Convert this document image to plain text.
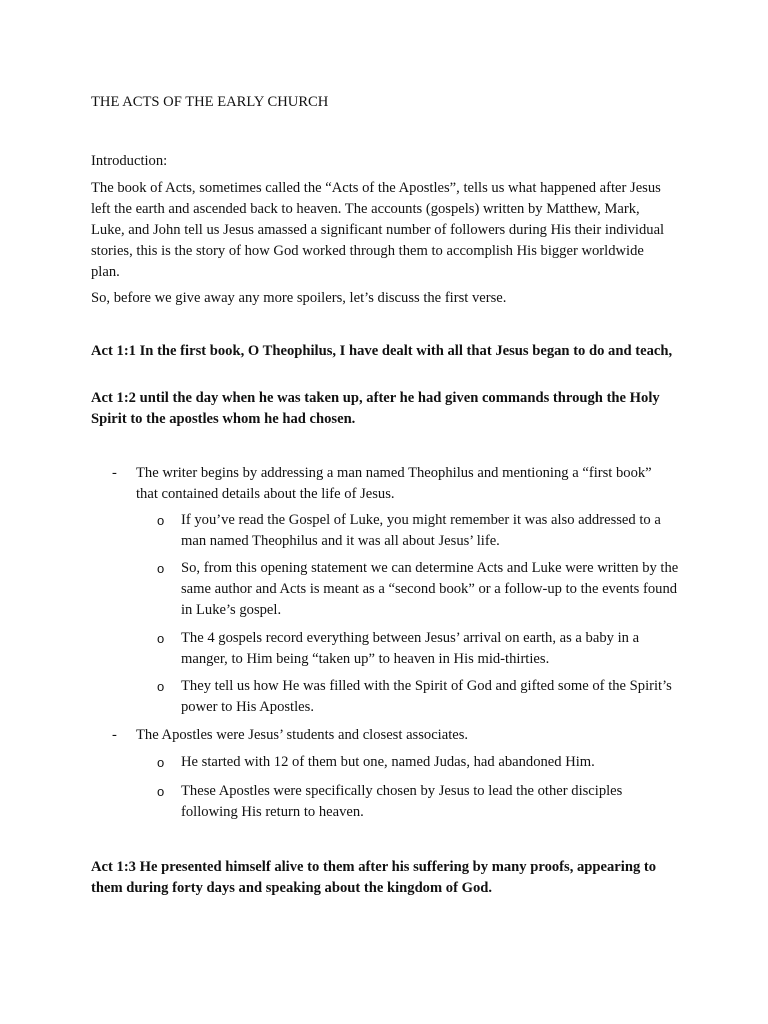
THE ACTS OF THE EARLY CHURCH
Introduction:
The book of Acts, sometimes called the “Acts of the Apostles”, tells us what happened after Jesus left the earth and ascended back to heaven. The accounts (gospels) written by Matthew, Mark, Luke, and John tell us Jesus amassed a significant number of followers during His their individual stories, this is the story of how God worked through them to accomplish His bigger worldwide plan.
So, before we give away any more spoilers, let’s discuss the first verse.
Act 1:1 In the first book, O Theophilus, I have dealt with all that Jesus began to do and teach,
Act 1:2 until the day when he was taken up, after he had given commands through the Holy Spirit to the apostles whom he had chosen.
- The writer begins by addressing a man named Theophilus and mentioning a “first book” that contained details about the life of Jesus.
o If you’ve read the Gospel of Luke, you might remember it was also addressed to a man named Theophilus and it was all about Jesus’ life.
o So, from this opening statement we can determine Acts and Luke were written by the same author and Acts is meant as a “second book” or a follow-up to the events found in Luke’s gospel.
o The 4 gospels record everything between Jesus’ arrival on earth, as a baby in a manger, to Him being “taken up” to heaven in His mid-thirties.
o They tell us how He was filled with the Spirit of God and gifted some of the Spirit’s power to His Apostles.
- The Apostles were Jesus’ students and closest associates.
o He started with 12 of them but one, named Judas, had abandoned Him.
o These Apostles were specifically chosen by Jesus to lead the other disciples following His return to heaven.
Act 1:3 He presented himself alive to them after his suffering by many proofs, appearing to them during forty days and speaking about the kingdom of God.
